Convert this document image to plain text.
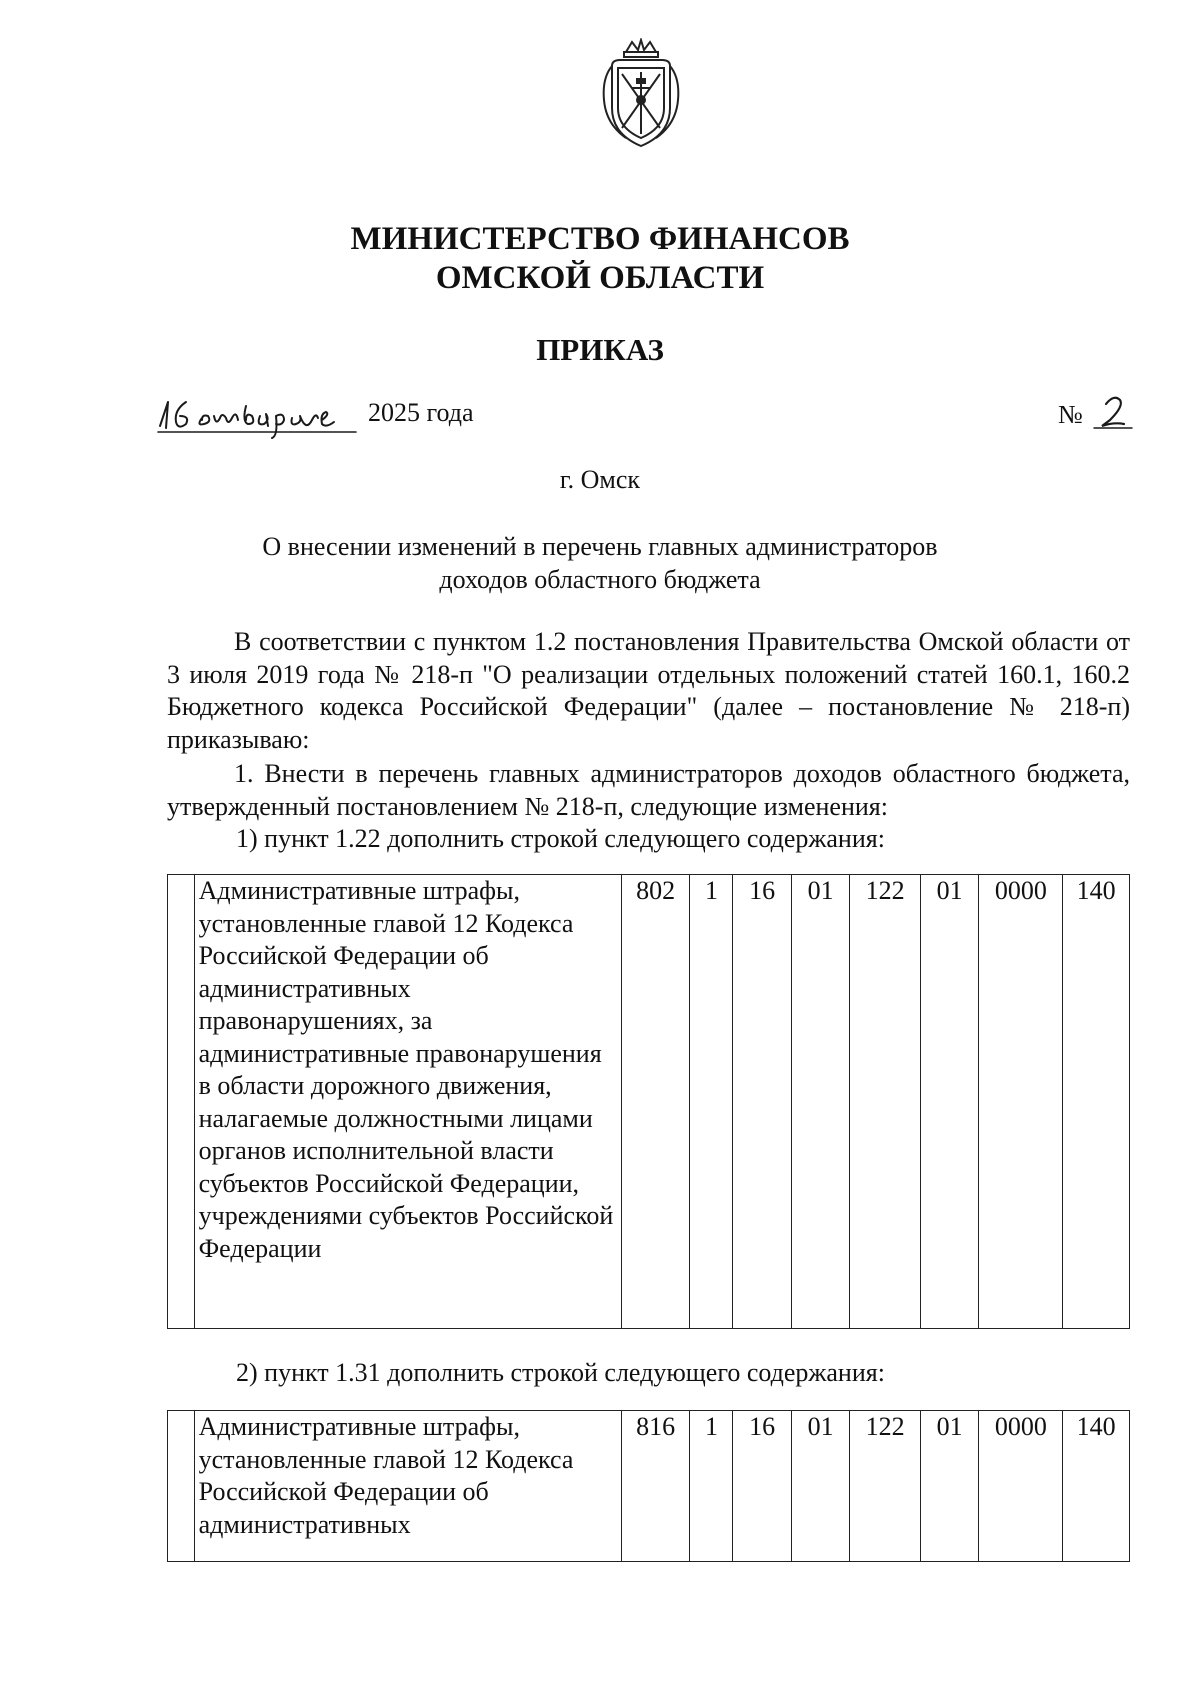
МИНИСТЕРСТВО ФИНАНСОВ
ОМСКОЙ ОБЛАСТИ
ПРИКАЗ
2025 года	№
г. Омск
О внесении изменений в перечень главных администраторов
доходов областного бюджета
В соответствии с пунктом 1.2 постановления Правительства Омской области от 3 июля 2019 года № 218-п "О реализации отдельных положений статей 160.1, 160.2 Бюджетного кодекса Российской Федерации" (далее – постановление № 218-п) приказываю:
1. Внести в перечень главных администраторов доходов областного бюджета, утвержденный постановлением № 218-п, следующие изменения:
1) пункт 1.22 дополнить строкой следующего содержания:
	Административные штрафы, установленные главой 12 Кодекса Российской Федерации об административных правонарушениях, за административные правонарушения в области дорожного движения, налагаемые должностными лицами органов исполнительной власти субъектов Российской Федерации, учреждениями субъектов Российской Федерации	802	1	16	01	122	01	0000	140
2) пункт 1.31 дополнить строкой следующего содержания:
	Административные штрафы, установленные главой 12 Кодекса Российской Федерации об административных	816	1	16	01	122	01	0000	140
